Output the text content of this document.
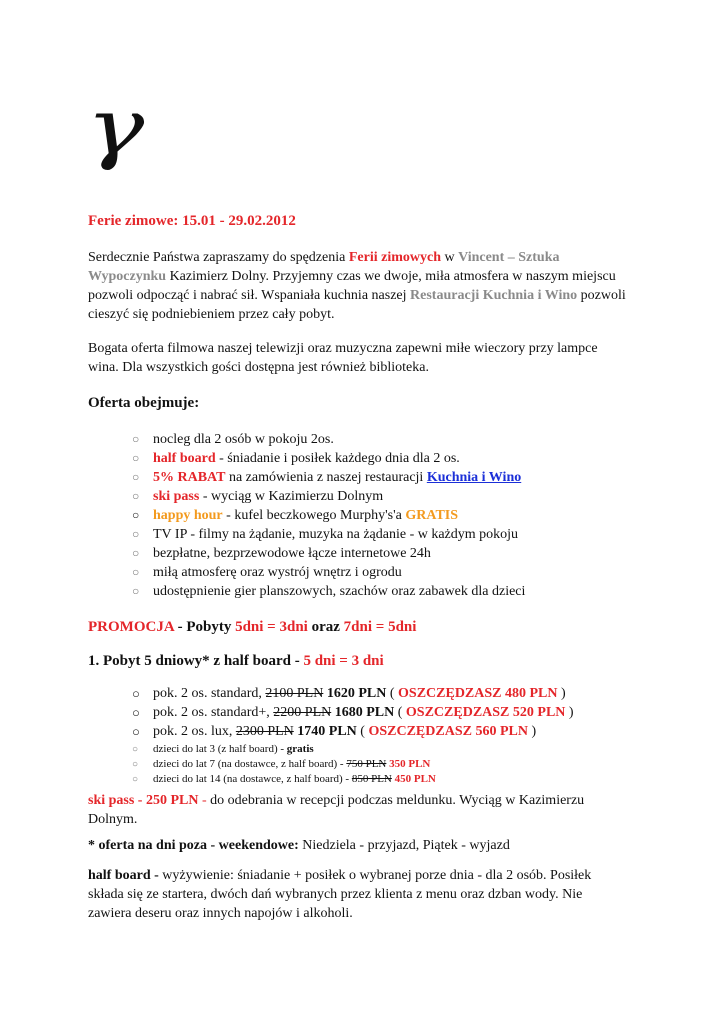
γ
Ferie zimowe: 15.01 - 29.02.2012

Serdecznie Państwa zapraszamy do spędzenia Ferii zimowych w Vincent – Sztuka Wypoczynku Kazimierz Dolny. Przyjemny czas we dwoje, miła atmosfera w naszym miejscu pozwoli odpocząć i nabrać sił. Wspaniała kuchnia naszej Restauracji Kuchnia i Wino pozwoli cieszyć się podniebieniem przez cały pobyt.

Bogata oferta filmowa naszej telewizji oraz muzyczna zapewni miłe wieczory przy lampce wina. Dla wszystkich gości dostępna jest również biblioteka.

Oferta obejmuje:
○ nocleg dla 2 osób w pokoju 2os.
○ half board - śniadanie i posiłek każdego dnia dla 2 os.
○ 5% RABAT na zamówienia z naszej restauracji Kuchnia i Wino
○ ski pass - wyciąg w Kazimierzu Dolnym
○ happy hour - kufel beczkowego Murphy's'a GRATIS
○ TV IP - filmy na żądanie, muzyka na żądanie - w każdym pokoju
○ bezpłatne, bezprzewodowe łącze internetowe 24h
○ miłą atmosferę oraz wystrój wnętrz i ogrodu
○ udostępnienie gier planszowych, szachów oraz zabawek dla dzieci
PROMOCJA - Pobyty 5dni = 3dni oraz 7dni = 5dni
1. Pobyt 5 dniowy* z half board - 5 dni = 3 dni
○ pok. 2 os. standard, 2100 PLN 1620 PLN ( OSZCZĘDZASZ 480 PLN )
○ pok. 2 os. standard+, 2200 PLN 1680 PLN ( OSZCZĘDZASZ 520 PLN )
○ pok. 2 os. lux, 2300 PLN 1740 PLN ( OSZCZĘDZASZ 560 PLN )
○ dzieci do lat 3 (z half board) - gratis
○ dzieci do lat 7 (na dostawce, z half board) - 750 PLN 350 PLN
○ dzieci do lat 14 (na dostawce, z half board) - 850 PLN 450 PLN

ski pass - 250 PLN - do odebrania w recepcji podczas meldunku. Wyciąg w Kazimierzu Dolnym.

* oferta na dni poza - weekendowe: Niedziela - przyjazd, Piątek - wyjazd

half board - wyżywienie: śniadanie + posiłek o wybranej porze dnia - dla 2 osób. Posiłek składa się ze startera, dwóch dań wybranych przez klienta z menu oraz dzban wody. Nie zawiera deseru oraz innych napojów i alkoholi.
